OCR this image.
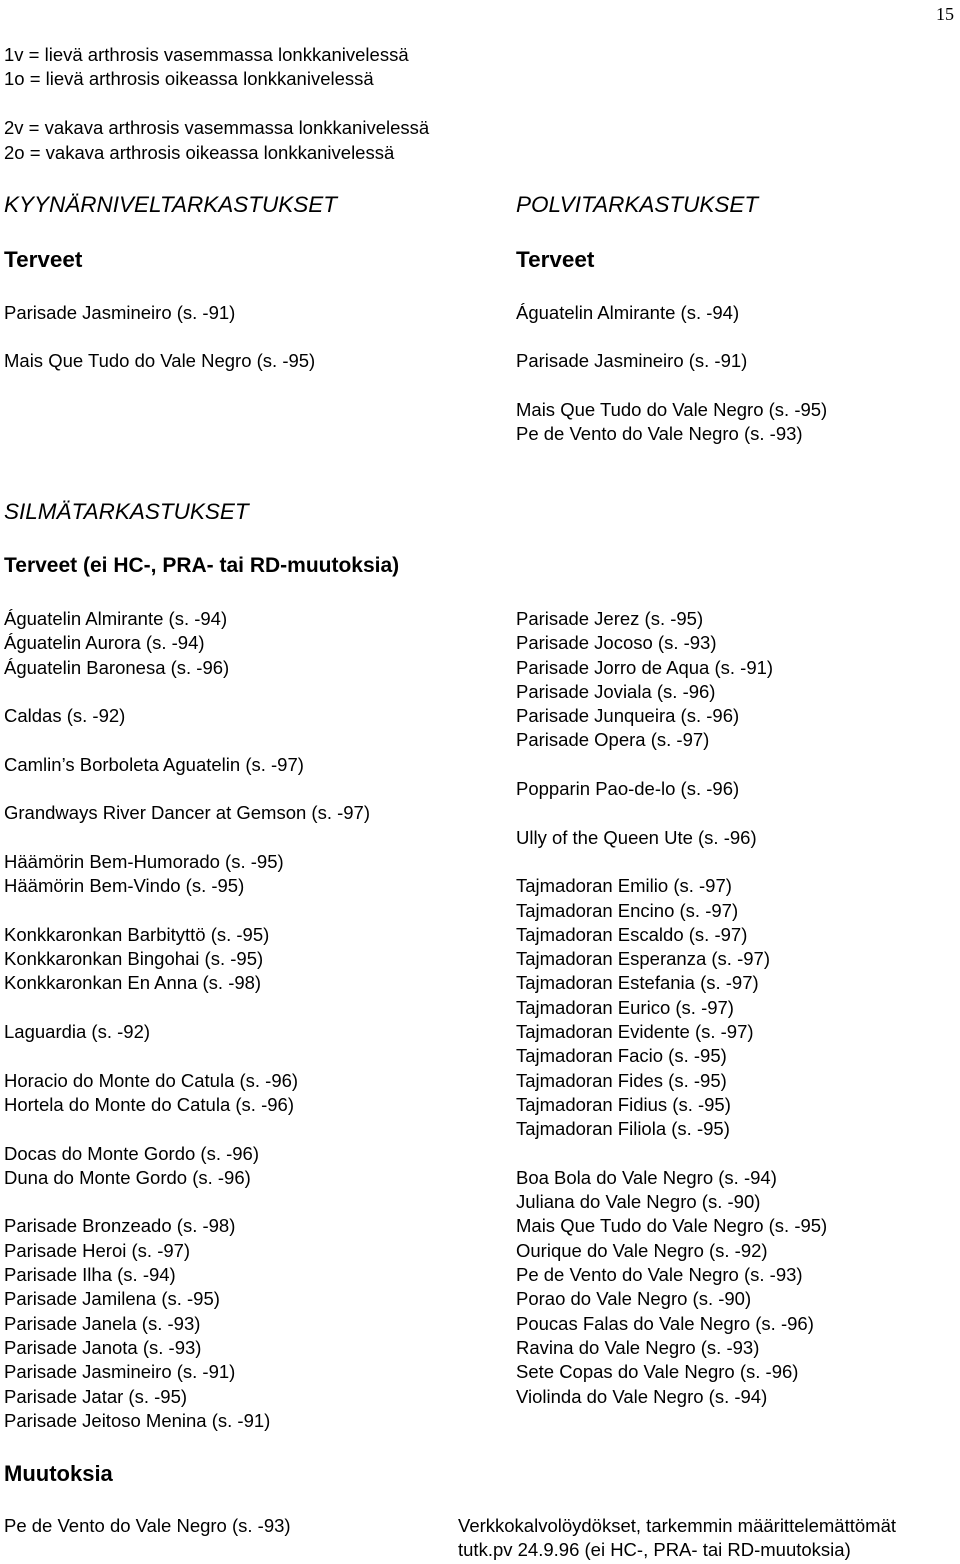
15
1v = lievä arthrosis vasemmassa lonkkanivelessä
1o = lievä arthrosis oikeassa lonkkanivelessä
2v = vakava arthrosis vasemmassa lonkkanivelessä
2o = vakava arthrosis oikeassa lonkkanivelessä
KYYNÄRNIVELTARKASTUKSET
Terveet
Parisade Jasmineiro (s. -91)
Mais Que Tudo do Vale Negro (s. -95)
POLVITARKASTUKSET
Terveet
Águatelin Almirante (s. -94)
Parisade Jasmineiro (s. -91)
Mais Que Tudo do Vale Negro (s. -95)
Pe de Vento do Vale Negro (s. -93)
SILMÄTARKASTUKSET
Terveet (ei HC-, PRA- tai RD-muutoksia)
Águatelin Almirante (s. -94)
Águatelin Aurora (s. -94)
Águatelin Baronesa (s. -96)
Caldas (s. -92)
Camlin’s Borboleta Aguatelin (s. -97)
Grandways River Dancer at Gemson (s. -97)
Häämörin Bem-Humorado (s. -95)
Häämörin Bem-Vindo (s. -95)
Konkkaronkan Barbityttö (s. -95)
Konkkaronkan Bingohai (s. -95)
Konkkaronkan En Anna (s. -98)
Laguardia (s. -92)
Horacio do Monte do Catula (s. -96)
Hortela do Monte do Catula (s. -96)
Docas do Monte Gordo (s. -96)
Duna do Monte Gordo (s. -96)
Parisade Bronzeado (s. -98)
Parisade Heroi (s. -97)
Parisade Ilha (s. -94)
Parisade Jamilena (s. -95)
Parisade Janela (s. -93)
Parisade Janota (s. -93)
Parisade Jasmineiro (s. -91)
Parisade Jatar (s. -95)
Parisade Jeitoso Menina (s. -91)
Parisade Jerez (s. -95)
Parisade Jocoso (s. -93)
Parisade Jorro de Aqua (s. -91)
Parisade Joviala (s. -96)
Parisade Junqueira (s. -96)
Parisade Opera (s. -97)
Popparin Pao-de-lo (s. -96)
Ully of the Queen Ute (s. -96)
Tajmadoran Emilio (s. -97)
Tajmadoran Encino (s. -97)
Tajmadoran Escaldo (s. -97)
Tajmadoran Esperanza (s. -97)
Tajmadoran Estefania (s. -97)
Tajmadoran Eurico (s. -97)
Tajmadoran Evidente (s. -97)
Tajmadoran Facio (s. -95)
Tajmadoran Fides (s. -95)
Tajmadoran Fidius (s. -95)
Tajmadoran Filiola (s. -95)
Boa Bola do Vale Negro (s. -94)
Juliana do Vale Negro (s. -90)
Mais Que Tudo do Vale Negro (s. -95)
Ourique do Vale Negro (s. -92)
Pe de Vento do Vale Negro (s. -93)
Porao do Vale Negro (s. -90)
Poucas Falas do Vale Negro (s. -96)
Ravina do Vale Negro (s. -93)
Sete Copas do Vale Negro (s. -96)
Violinda do Vale Negro (s. -94)
Muutoksia
Pe de Vento do Vale Negro (s. -93)	Verkkokalvolöydökset, tarkemmin määrittelemättömät
tutk.pv 24.9.96 (ei HC-, PRA- tai RD-muutoksia)
